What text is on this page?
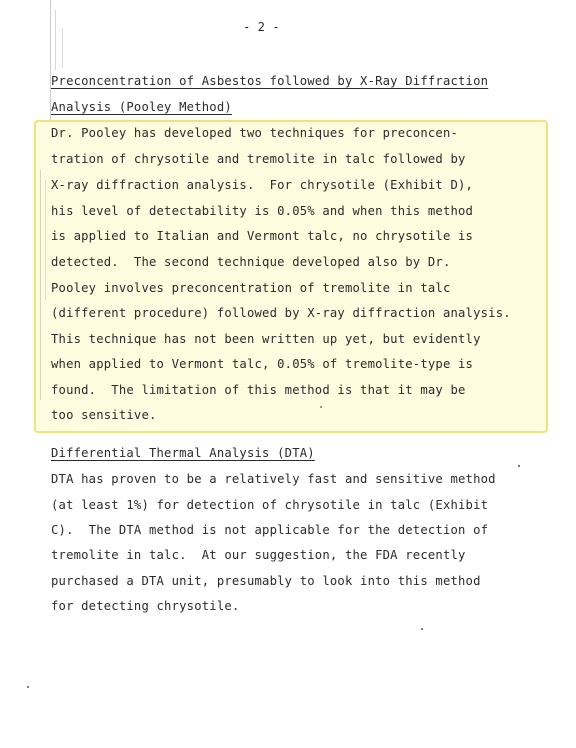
- 2 -
Preconcentration of Asbestos followed by X-Ray Diffraction
Analysis (Pooley Method)
Dr. Pooley has developed two techniques for preconcen-
tration of chrysotile and tremolite in talc followed by
X-ray diffraction analysis.  For chrysotile (Exhibit D),
his level of detectability is 0.05% and when this method
is applied to Italian and Vermont talc, no chrysotile is
detected.  The second technique developed also by Dr.
Pooley involves preconcentration of tremolite in talc
(different procedure) followed by X-ray diffraction analysis.
This technique has not been written up yet, but evidently
when applied to Vermont talc, 0.05% of tremolite-type is
found.  The limitation of this method is that it may be
too sensitive.
Differential Thermal Analysis (DTA)
DTA has proven to be a relatively fast and sensitive method
(at least 1%) for detection of chrysotile in talc (Exhibit
C).  The DTA method is not applicable for the detection of
tremolite in talc.  At our suggestion, the FDA recently
purchased a DTA unit, presumably to look into this method
for detecting chrysotile.
